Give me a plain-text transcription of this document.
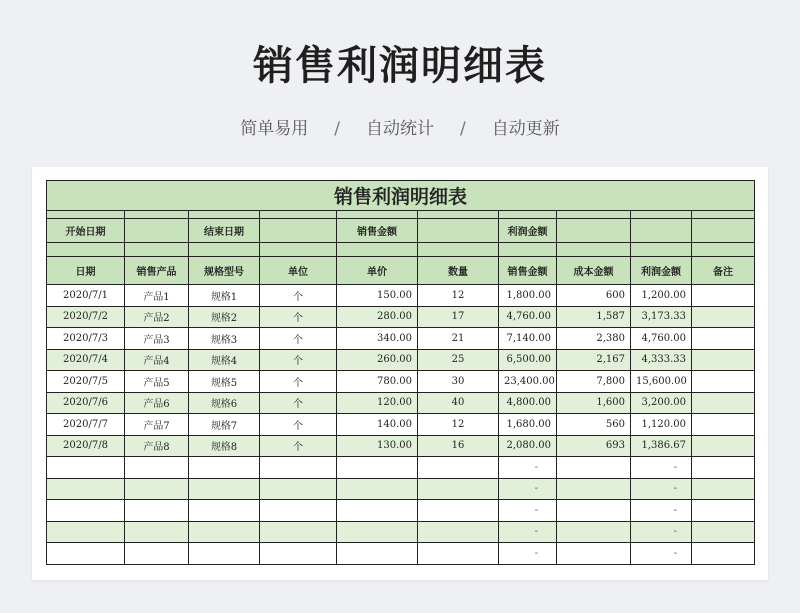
销售利润明细表
简单易用 / 自动统计 / 自动更新
销售利润明细表									

开始日期		结束日期		销售金额		利润金额			

日期	销售产品	规格型号	单位	单价	数量	销售金额	成本金额	利润金额	备注
2020/7/1	产品1	规格1	个	150.00	12	1,800.00	600	1,200.00	
2020/7/2	产品2	规格2	个	280.00	17	4,760.00	1,587	3,173.33	
2020/7/3	产品3	规格3	个	340.00	21	7,140.00	2,380	4,760.00	
2020/7/4	产品4	规格4	个	260.00	25	6,500.00	2,167	4,333.33	
2020/7/5	产品5	规格5	个	780.00	30	23,400.00	7,800	15,600.00	
2020/7/6	产品6	规格6	个	120.00	40	4,800.00	1,600	3,200.00	
2020/7/7	产品7	规格7	个	140.00	12	1,680.00	560	1,120.00	
2020/7/8	产品8	规格8	个	130.00	16	2,080.00	693	1,386.67	
						-		-	
						-		-	
						-		-	
						-		-	
						-		-	
